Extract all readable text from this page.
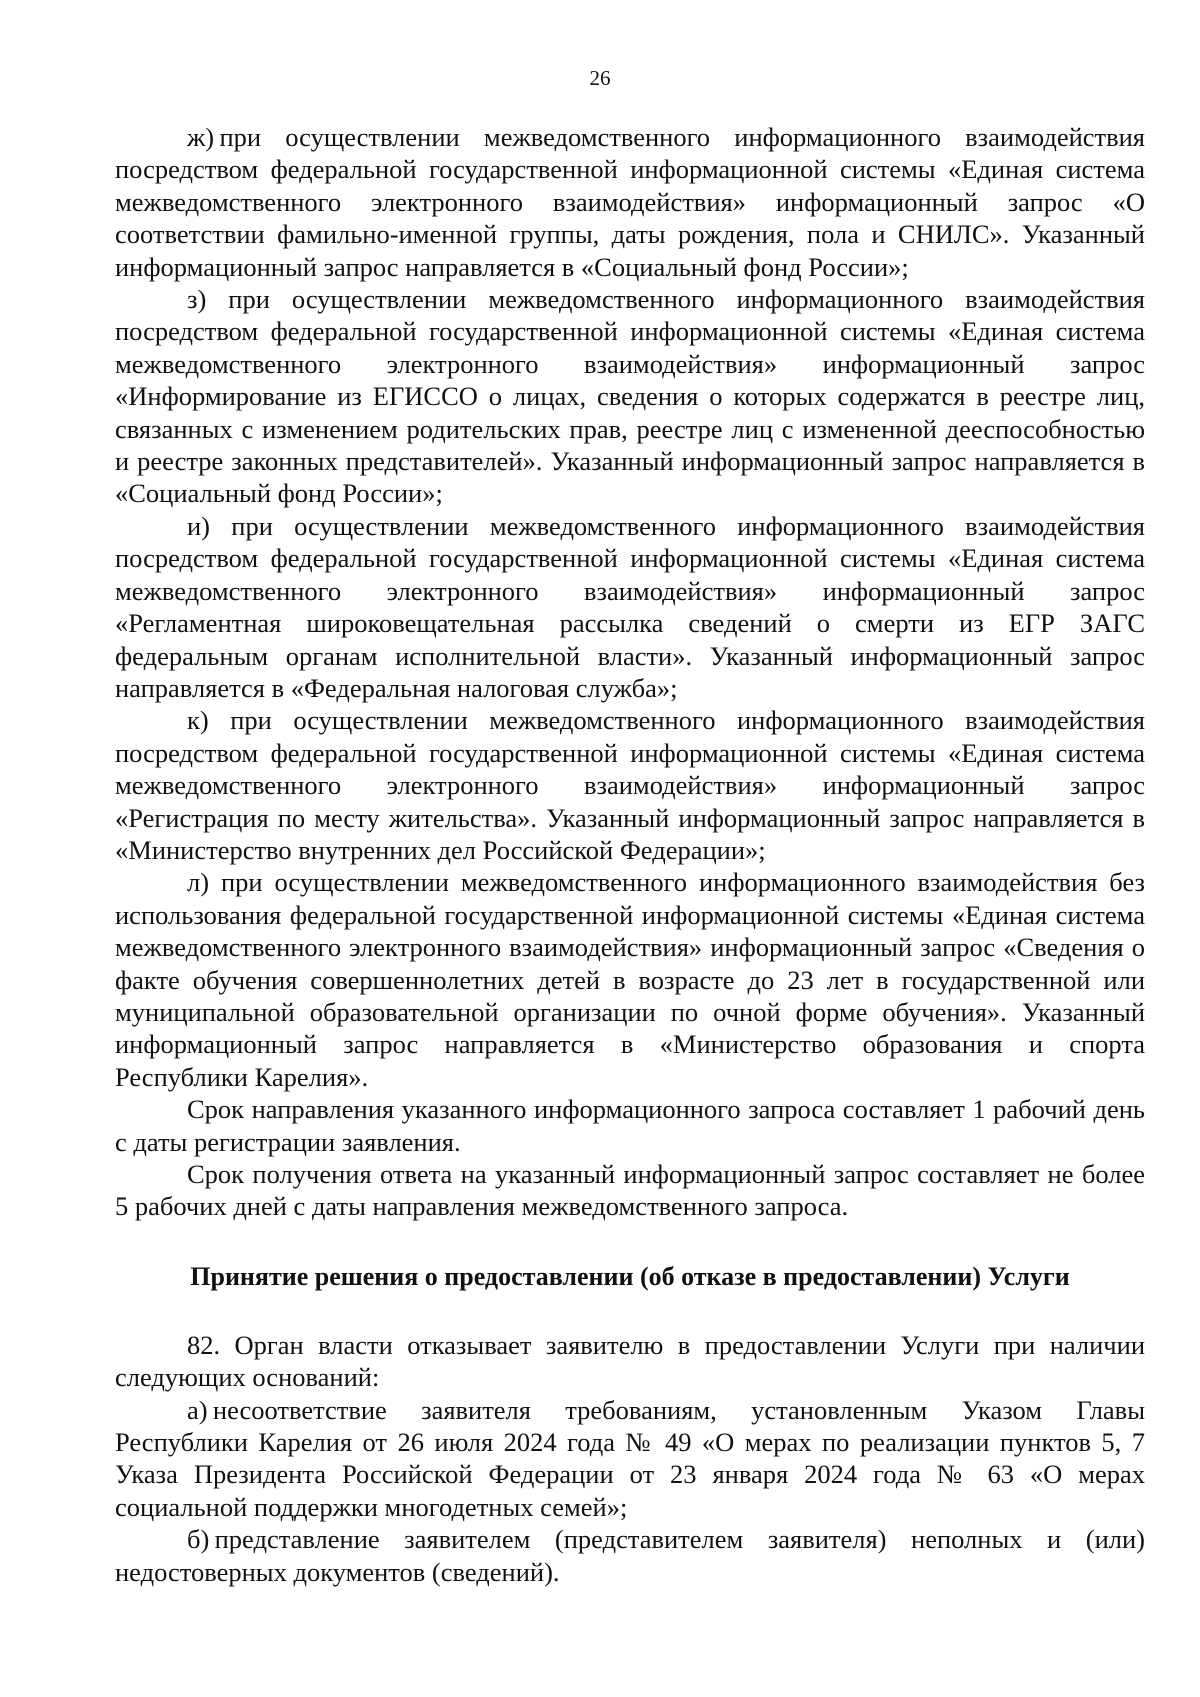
26

ж) при осуществлении межведомственного информационного взаимодействия посредством федеральной государственной информационной системы «Единая система межведомственного электронного взаимодействия» информационный запрос «О соответствии фамильно-именной группы, даты рождения, пола и СНИЛС». Указанный информационный запрос направляется в «Социальный фонд России»;

з) при осуществлении межведомственного информационного взаимодействия посредством федеральной государственной информационной системы «Единая система межведомственного электронного взаимодействия» информационный запрос «Информирование из ЕГИССО о лицах, сведения о которых содержатся в реестре лиц, связанных с изменением родительских прав, реестре лиц с измененной дееспособностью и реестре законных представителей». Указанный информационный запрос направляется в «Социальный фонд России»;

и) при осуществлении межведомственного информационного взаимодействия посредством федеральной государственной информационной системы «Единая система межведомственного электронного взаимодействия» информационный запрос «Регламентная широковещательная рассылка сведений о смерти из ЕГР ЗАГС федеральным органам исполнительной власти». Указанный информационный запрос направляется в «Федеральная налоговая служба»;

к) при осуществлении межведомственного информационного взаимодействия посредством федеральной государственной информационной системы «Единая система межведомственного электронного взаимодействия» информационный запрос «Регистрация по месту жительства». Указанный информационный запрос направляется в «Министерство внутренних дел Российской Федерации»;

л) при осуществлении межведомственного информационного взаимодействия без использования федеральной государственной информационной системы «Единая система межведомственного электронного взаимодействия» информационный запрос «Сведения о факте обучения совершеннолетних детей в возрасте до 23 лет в государственной или муниципальной образовательной организации по очной форме обучения». Указанный информационный запрос направляется в «Министерство образования и спорта Республики Карелия».

Срок направления указанного информационного запроса составляет 1 рабочий день с даты регистрации заявления.

Срок получения ответа на указанный информационный запрос составляет не более 5 рабочих дней с даты направления межведомственного запроса.

Принятие решения о предоставлении (об отказе в предоставлении) Услуги

82. Орган власти отказывает заявителю в предоставлении Услуги при наличии следующих оснований:

а) несоответствие заявителя требованиям, установленным Указом Главы Республики Карелия от 26 июля 2024 года № 49 «О мерах по реализации пунктов 5, 7 Указа Президента Российской Федерации от 23 января 2024 года № 63 «О мерах социальной поддержки многодетных семей»;

б) представление заявителем (представителем заявителя) неполных и (или) недостоверных документов (сведений).
